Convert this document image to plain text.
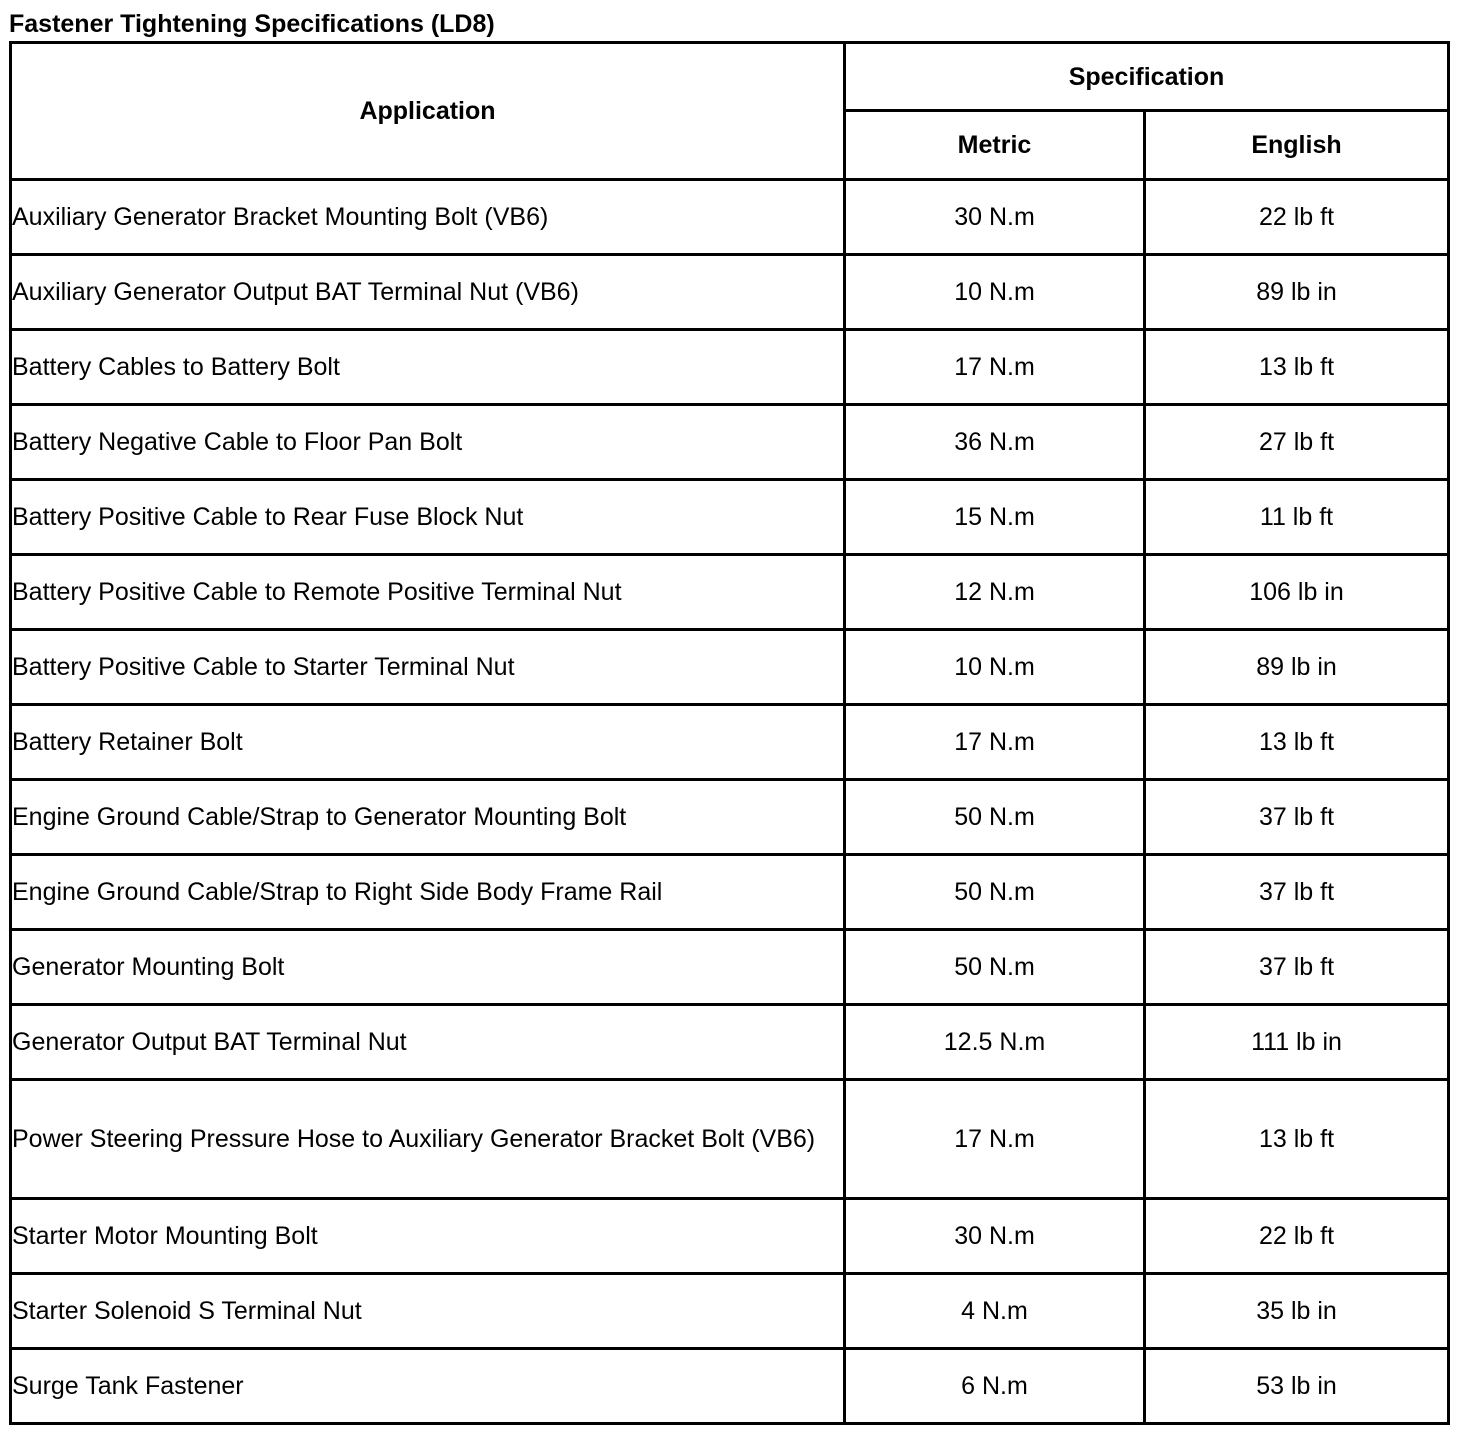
Fastener Tightening Specifications (LD8)
Application	Specification	
	Metric	English
Auxiliary Generator Bracket Mounting Bolt (VB6)	30 N.m	22 lb ft
Auxiliary Generator Output BAT Terminal Nut (VB6)	10 N.m	89 lb in
Battery Cables to Battery Bolt	17 N.m	13 lb ft
Battery Negative Cable to Floor Pan Bolt	36 N.m	27 lb ft
Battery Positive Cable to Rear Fuse Block Nut	15 N.m	11 lb ft
Battery Positive Cable to Remote Positive Terminal Nut	12 N.m	106 lb in
Battery Positive Cable to Starter Terminal Nut	10 N.m	89 lb in
Battery Retainer Bolt	17 N.m	13 lb ft
Engine Ground Cable/Strap to Generator Mounting Bolt	50 N.m	37 lb ft
Engine Ground Cable/Strap to Right Side Body Frame Rail	50 N.m	37 lb ft
Generator Mounting Bolt	50 N.m	37 lb ft
Generator Output BAT Terminal Nut	12.5 N.m	111 lb in
Power Steering Pressure Hose to Auxiliary Generator Bracket Bolt (VB6)	17 N.m	13 lb ft
Starter Motor Mounting Bolt	30 N.m	22 lb ft
Starter Solenoid S Terminal Nut	4 N.m	35 lb in
Surge Tank Fastener	6 N.m	53 lb in
